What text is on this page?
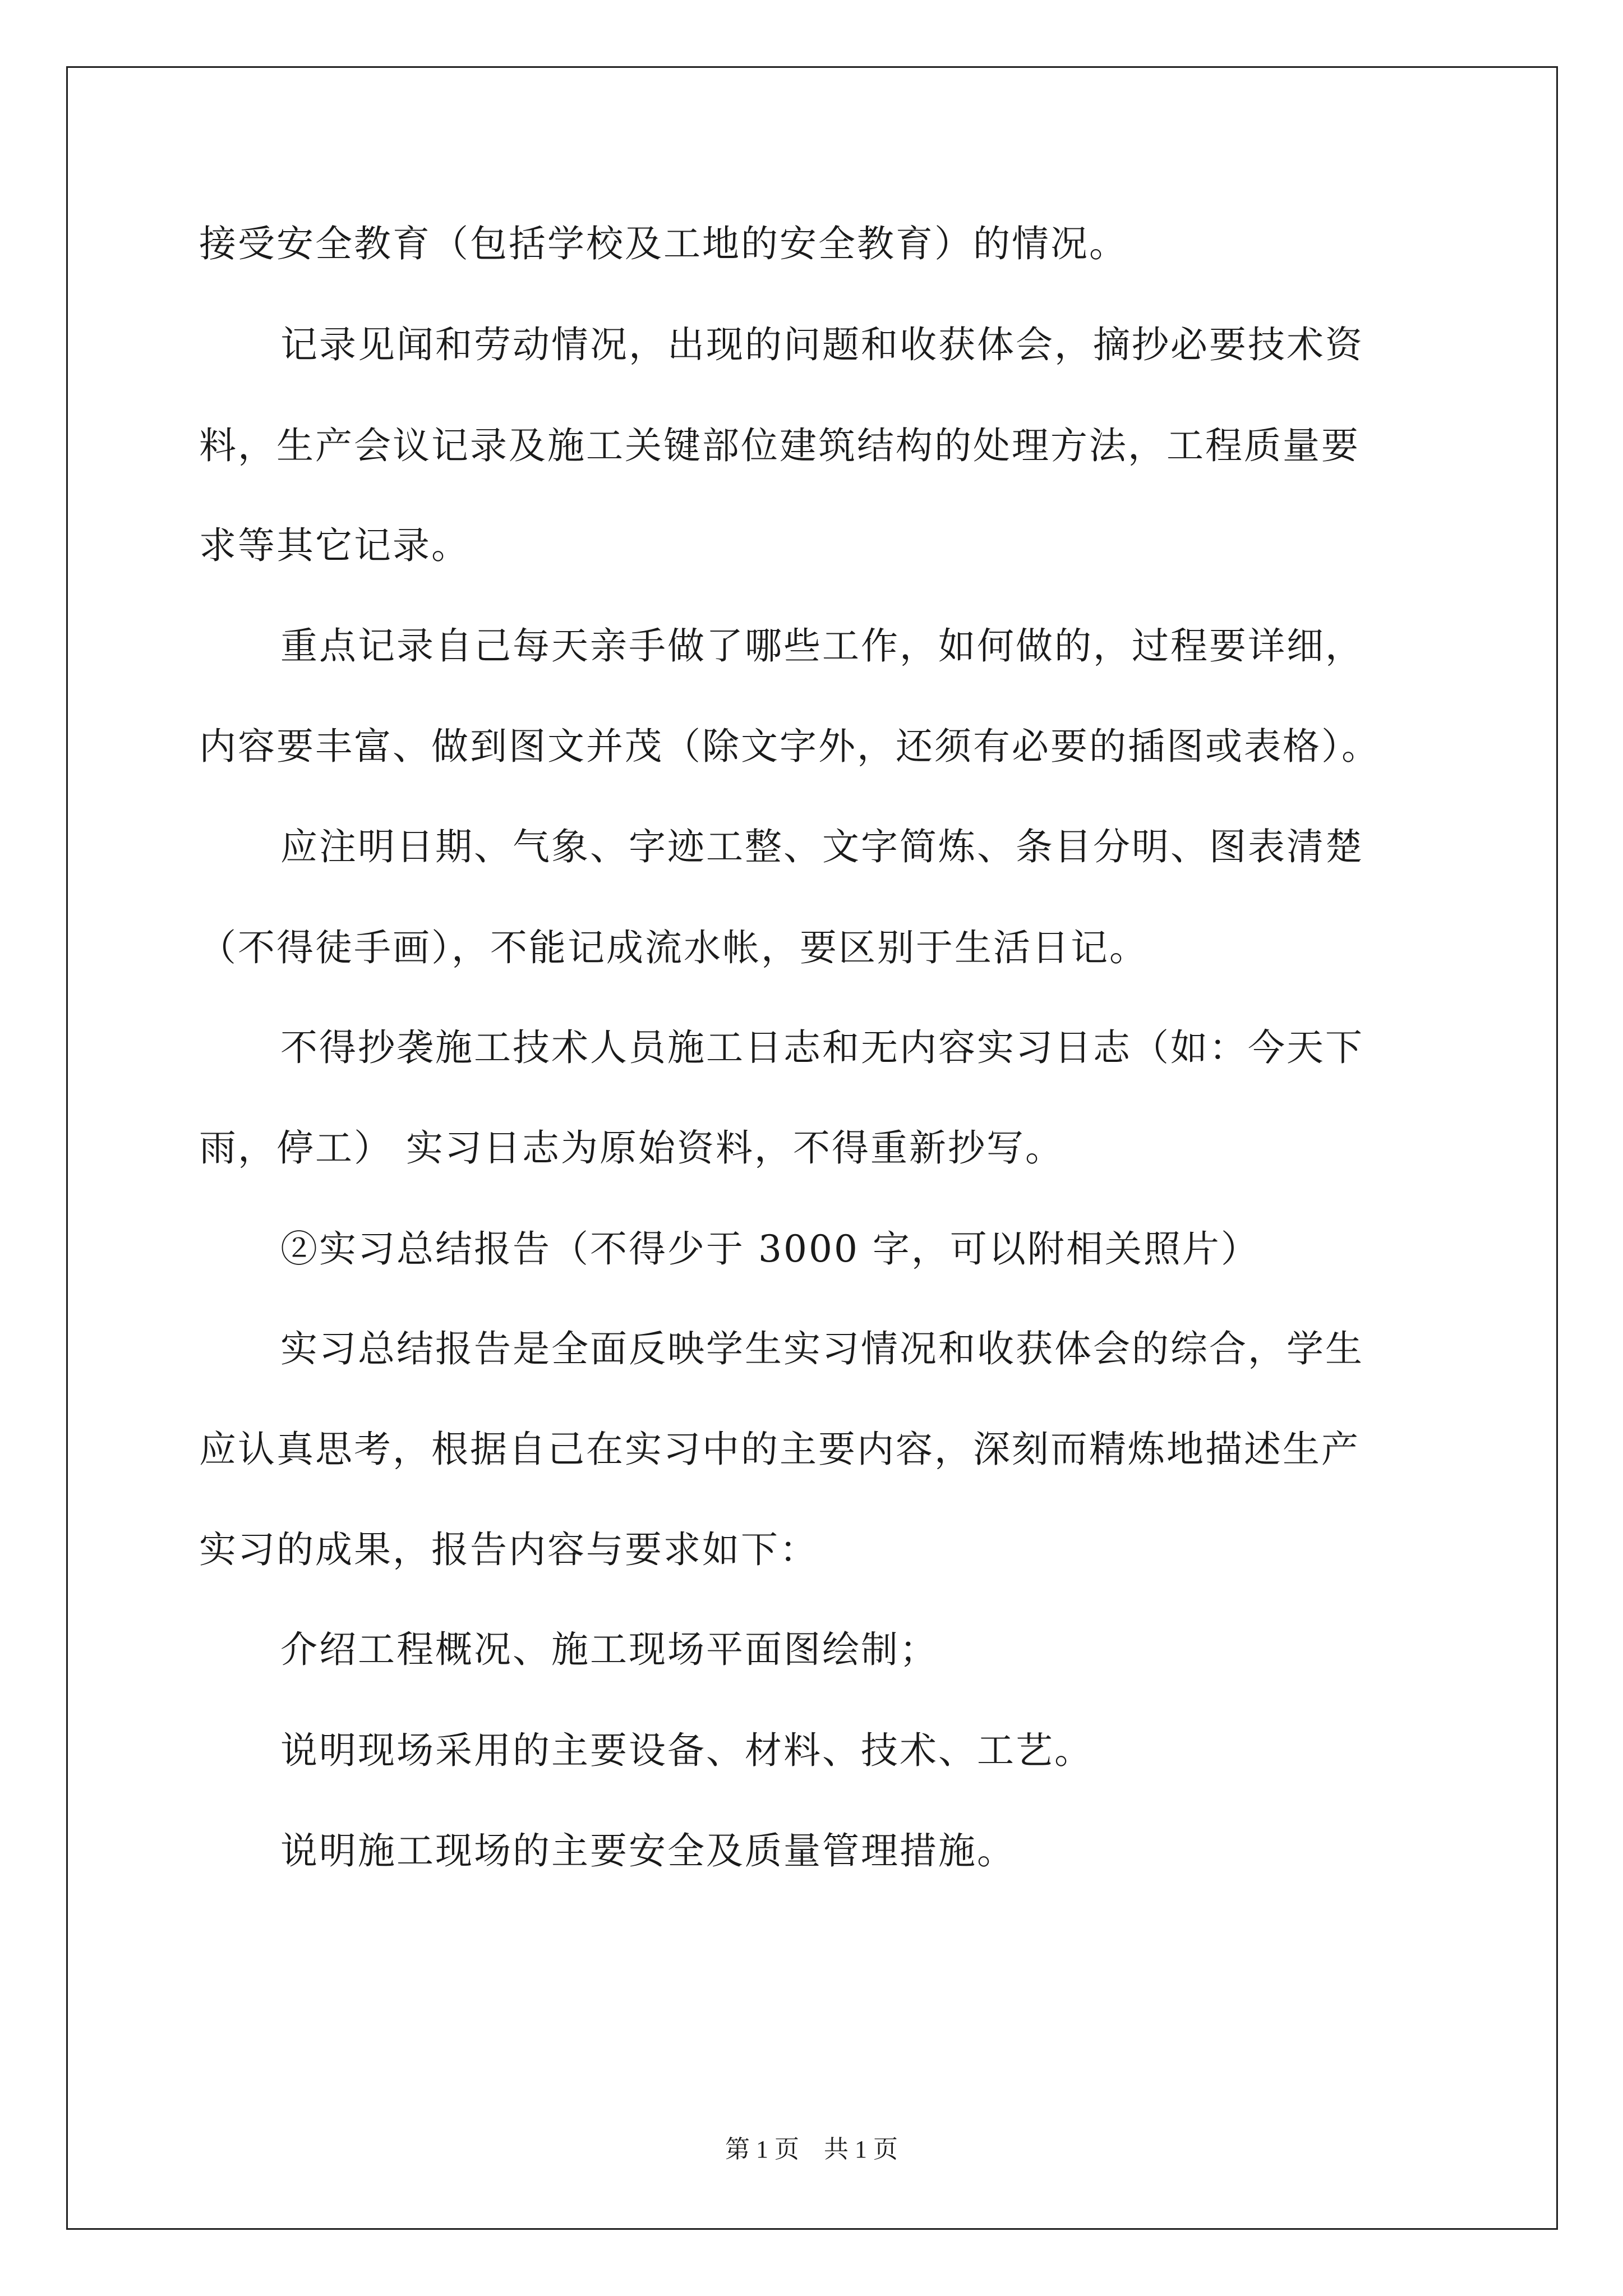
接受安全教育（包括学校及工地的安全教育）的情况。
记录见闻和劳动情况，出现的问题和收获体会，摘抄必要技术资
料，生产会议记录及施工关键部位建筑结构的处理方法，工程质量要
求等其它记录。
重点记录自己每天亲手做了哪些工作，如何做的，过程要详细，
内容要丰富、做到图文并茂（除文字外，还须有必要的插图或表格）。
应注明日期、气象、字迹工整、文字简炼、条目分明、图表清楚
（不得徒手画），不能记成流水帐，要区别于生活日记。
不得抄袭施工技术人员施工日志和无内容实习日志（如：今天下
雨，停工） 实习日志为原始资料，不得重新抄写。
②实习总结报告（不得少于 3000 字，可以附相关照片）
实习总结报告是全面反映学生实习情况和收获体会的综合，学生
应认真思考，根据自己在实习中的主要内容，深刻而精炼地描述生产
实习的成果，报告内容与要求如下：
介绍工程概况、施工现场平面图绘制；
说明现场采用的主要设备、材料、技术、工艺。
说明施工现场的主要安全及质量管理措施。
第 1 页　共 1 页
